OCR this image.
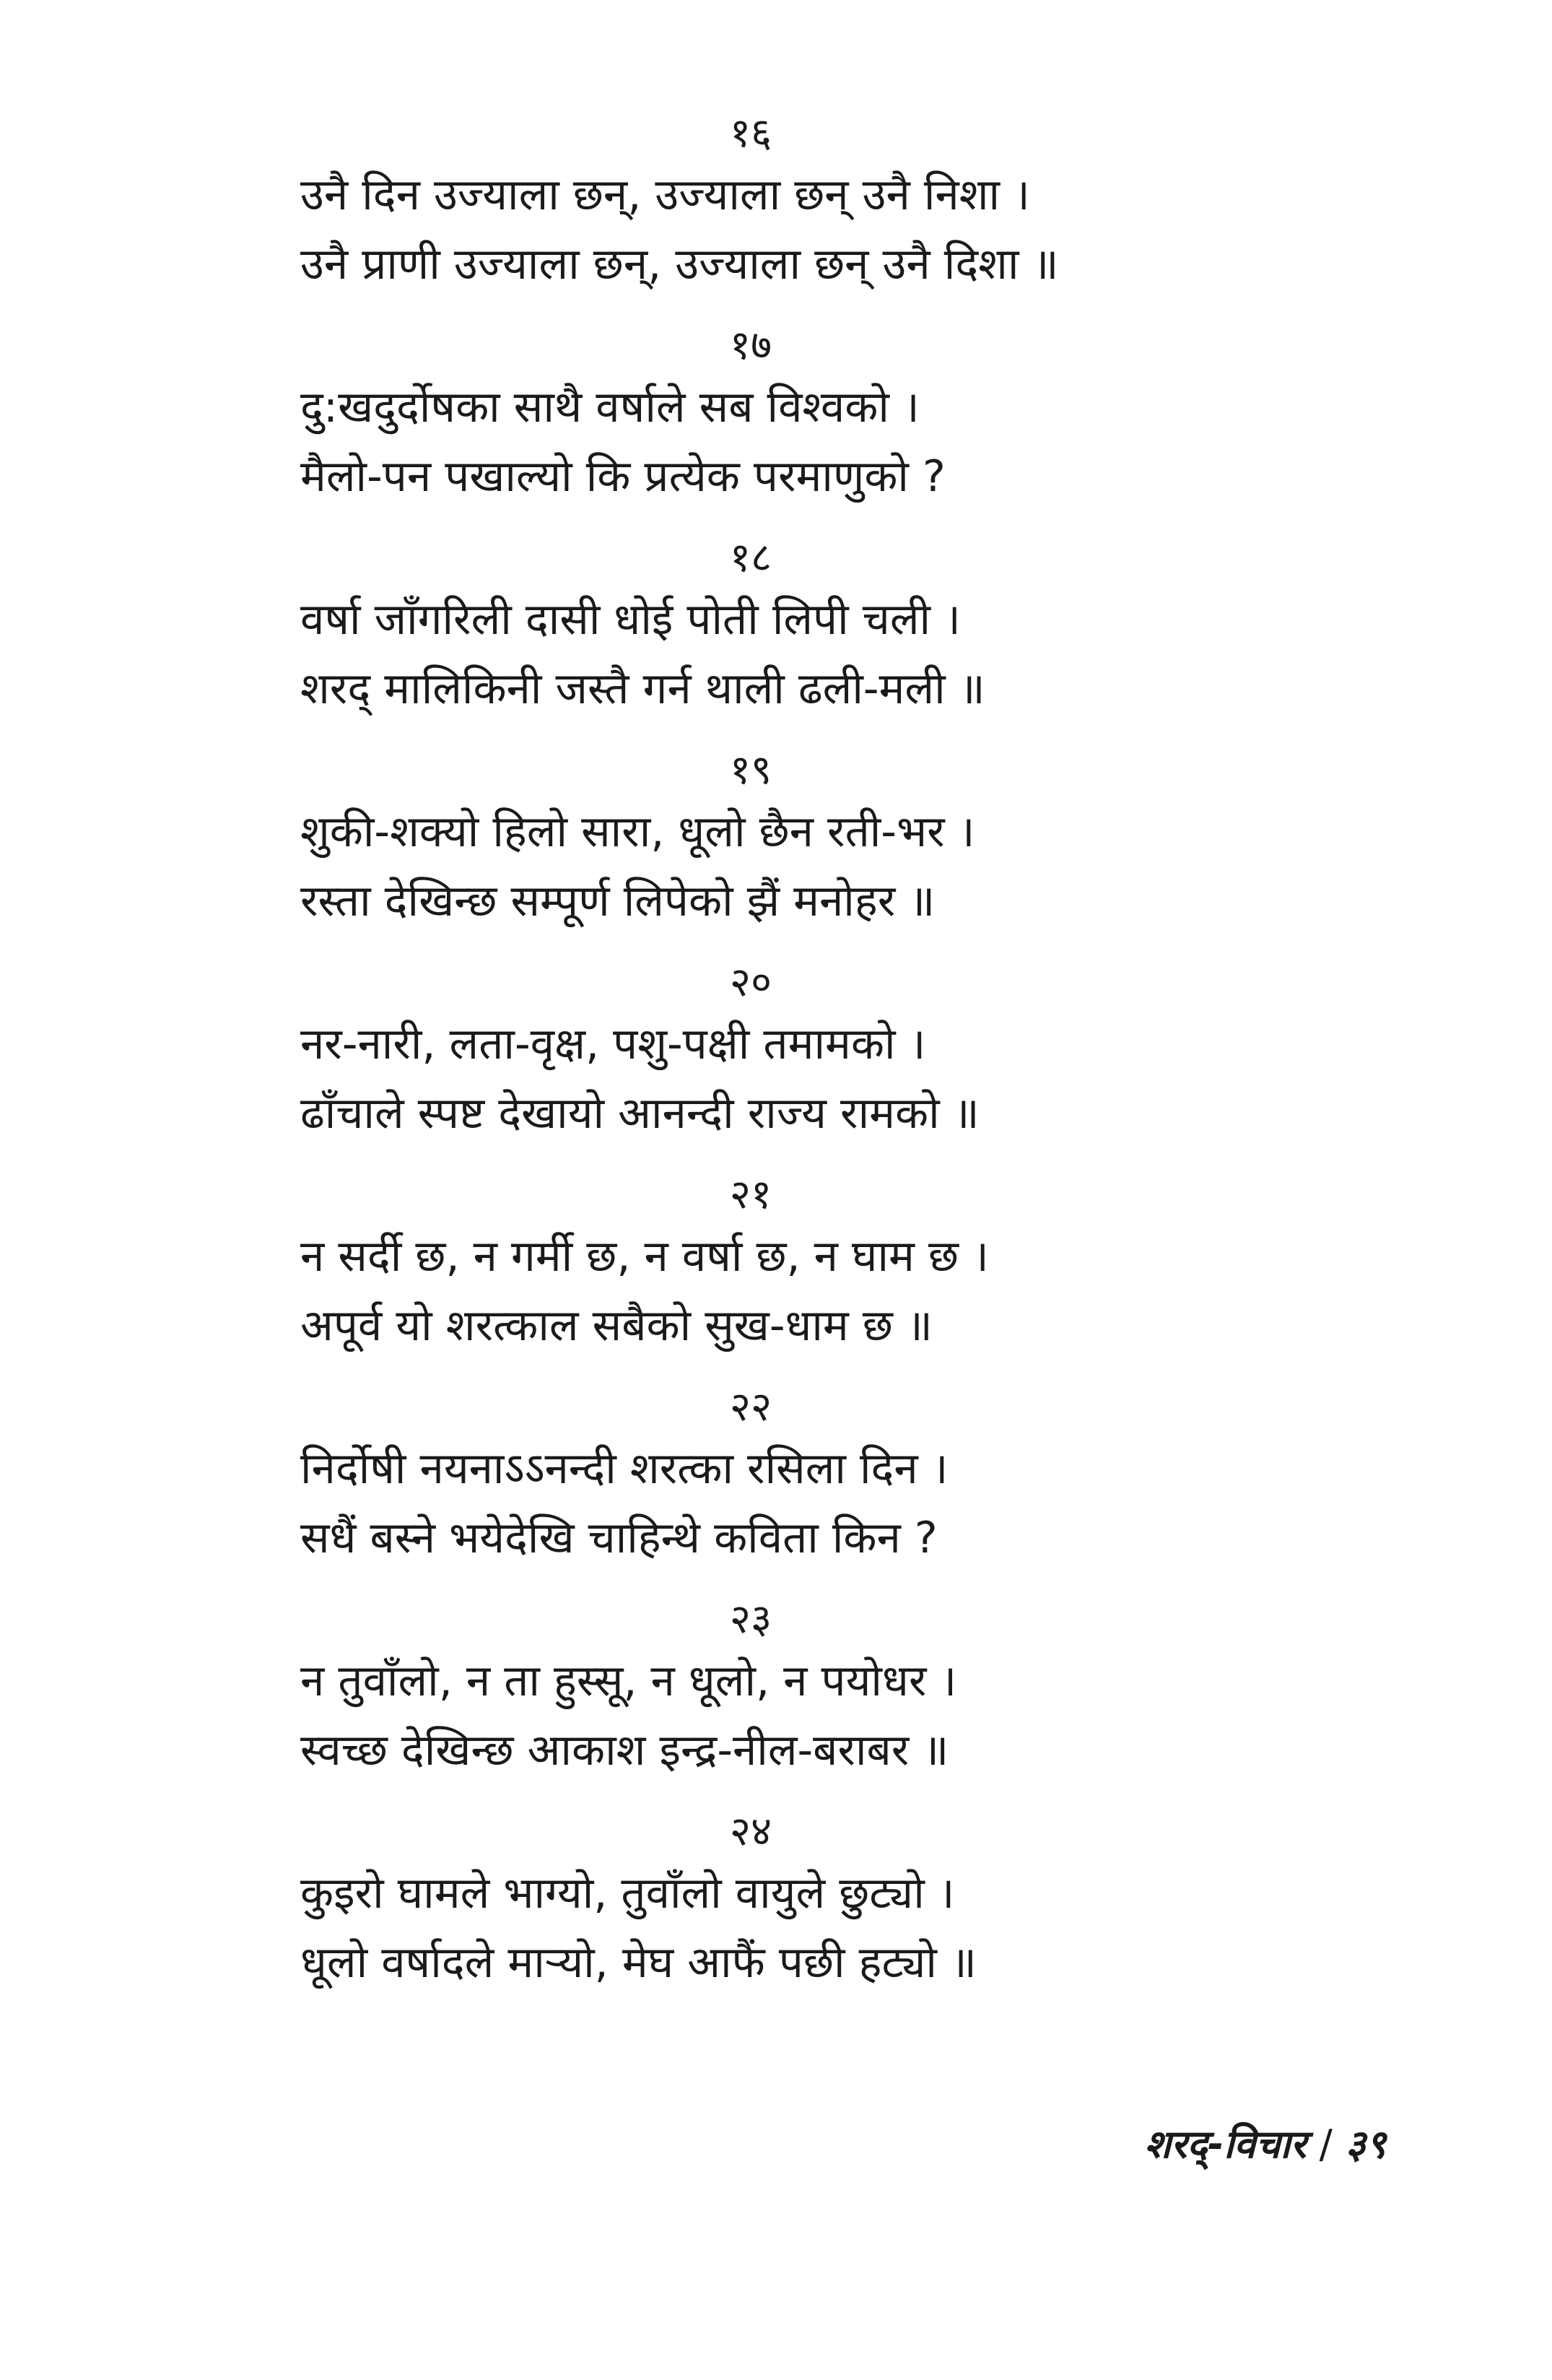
१६
उनै दिन उज्याला छन्, उज्याला छन् उनै निशा ।
उनै प्राणी उज्याला छन्, उज्याला छन् उनै दिशा ॥
१७
दु:खदुर्दोषका साथै वर्षाले सब विश्वको ।
मैलो-पन पखाल्यो कि प्रत्येक परमाणुको ?
१८
वर्षा जाँगरिली दासी धोई पोती लिपी चली ।
शरद् मालिकिनी जस्तै गर्न थाली ढली-मली ॥
१९
शुकी-शक्यो हिलो सारा, धूलो छैन रती-भर ।
रस्ता देखिन्छ सम्पूर्ण लिपेको झैं मनोहर ॥
२०
नर-नारी, लता-वृक्ष, पशु-पक्षी तमामको ।
ढाँचाले स्पष्ट देखायो आनन्दी राज्य रामको ॥
२१
न सर्दी छ, न गर्मी छ, न वर्षा छ, न घाम छ ।
अपूर्व यो शरत्काल सबैको सुख-धाम छ ॥
२२
निर्दोषी नयनाऽऽनन्दी शरत्का रसिला दिन ।
सधैं बस्ने भयेदेखि चाहिन्थे कविता किन ?
२३
न तुवाँलो, न ता हुस्सू, न धूलो, न पयोधर ।
स्वच्छ देखिन्छ आकाश इन्द्र-नील-बराबर ॥
२४
कुइरो घामले भाग्यो, तुवाँलो वायुले छुट्यो ।
धूलो वर्षादले मार्‍यो, मेघ आफैं पछी हट्यो ॥
शरद्-विचार / ३९
